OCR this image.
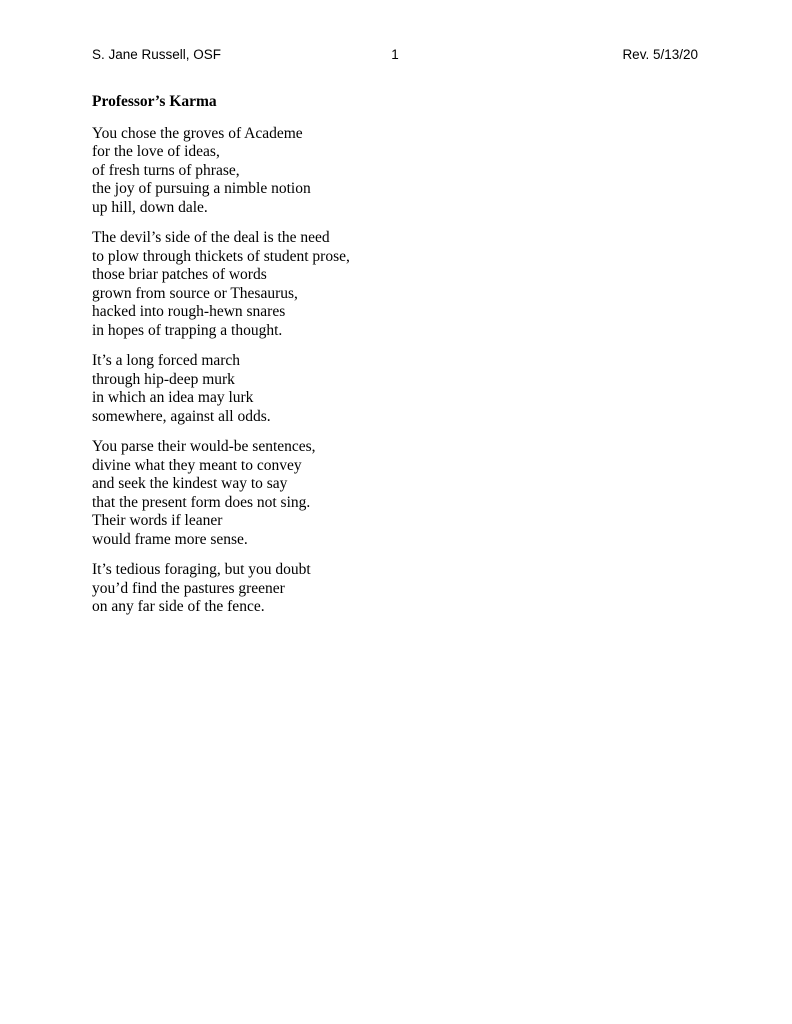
S. Jane Russell, OSF	1	Rev. 5/13/20

Professor’s Karma

You chose the groves of Academe
for the love of ideas,
of fresh turns of phrase,
the joy of pursuing a nimble notion
up hill, down dale.

The devil’s side of the deal is the need
to plow through thickets of student prose,
those briar patches of words
grown from source or Thesaurus,
hacked into rough-hewn snares
in hopes of trapping a thought.

It’s a long forced march
through hip-deep murk
in which an idea may lurk
somewhere, against all odds.

You parse their would-be sentences,
divine what they meant to convey
and seek the kindest way to say
that the present form does not sing.
Their words if leaner
would frame more sense.

It’s tedious foraging, but you doubt
you’d find the pastures greener
on any far side of the fence.
